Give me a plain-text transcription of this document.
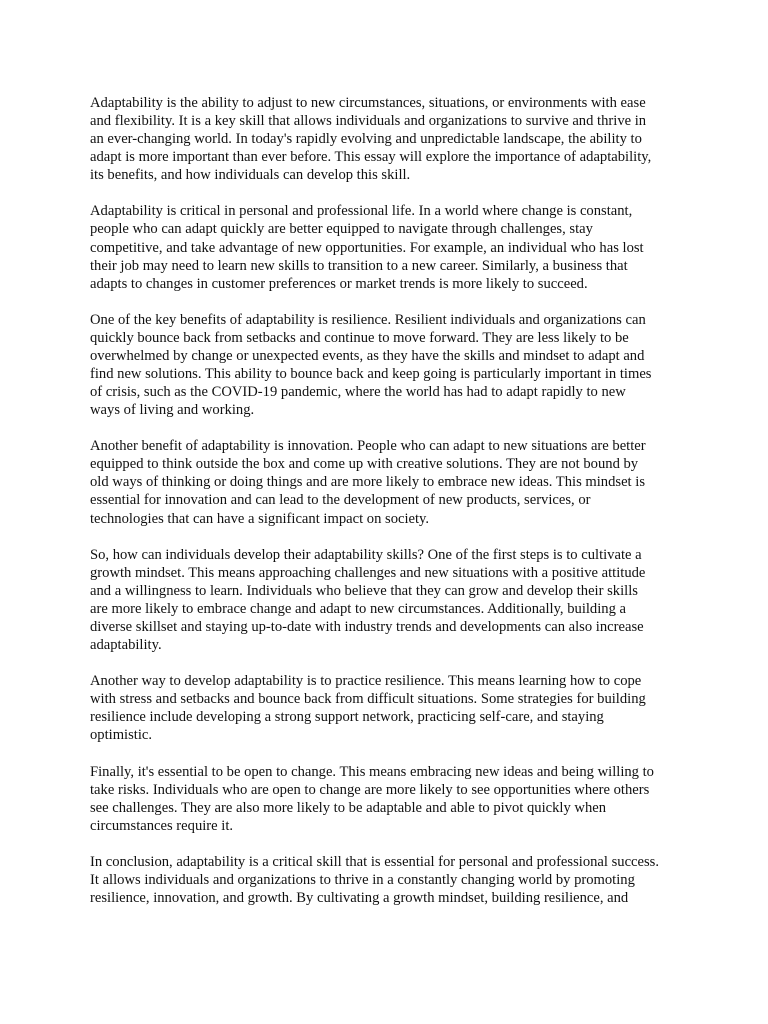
Adaptability is the ability to adjust to new circumstances, situations, or environments with ease
and flexibility. It is a key skill that allows individuals and organizations to survive and thrive in
an ever-changing world. In today's rapidly evolving and unpredictable landscape, the ability to
adapt is more important than ever before. This essay will explore the importance of adaptability,
its benefits, and how individuals can develop this skill.

Adaptability is critical in personal and professional life. In a world where change is constant,
people who can adapt quickly are better equipped to navigate through challenges, stay
competitive, and take advantage of new opportunities. For example, an individual who has lost
their job may need to learn new skills to transition to a new career. Similarly, a business that
adapts to changes in customer preferences or market trends is more likely to succeed.

One of the key benefits of adaptability is resilience. Resilient individuals and organizations can
quickly bounce back from setbacks and continue to move forward. They are less likely to be
overwhelmed by change or unexpected events, as they have the skills and mindset to adapt and
find new solutions. This ability to bounce back and keep going is particularly important in times
of crisis, such as the COVID-19 pandemic, where the world has had to adapt rapidly to new
ways of living and working.

Another benefit of adaptability is innovation. People who can adapt to new situations are better
equipped to think outside the box and come up with creative solutions. They are not bound by
old ways of thinking or doing things and are more likely to embrace new ideas. This mindset is
essential for innovation and can lead to the development of new products, services, or
technologies that can have a significant impact on society.

So, how can individuals develop their adaptability skills? One of the first steps is to cultivate a
growth mindset. This means approaching challenges and new situations with a positive attitude
and a willingness to learn. Individuals who believe that they can grow and develop their skills
are more likely to embrace change and adapt to new circumstances. Additionally, building a
diverse skillset and staying up-to-date with industry trends and developments can also increase
adaptability.

Another way to develop adaptability is to practice resilience. This means learning how to cope
with stress and setbacks and bounce back from difficult situations. Some strategies for building
resilience include developing a strong support network, practicing self-care, and staying
optimistic.

Finally, it's essential to be open to change. This means embracing new ideas and being willing to
take risks. Individuals who are open to change are more likely to see opportunities where others
see challenges. They are also more likely to be adaptable and able to pivot quickly when
circumstances require it.

In conclusion, adaptability is a critical skill that is essential for personal and professional success.
It allows individuals and organizations to thrive in a constantly changing world by promoting
resilience, innovation, and growth. By cultivating a growth mindset, building resilience, and
